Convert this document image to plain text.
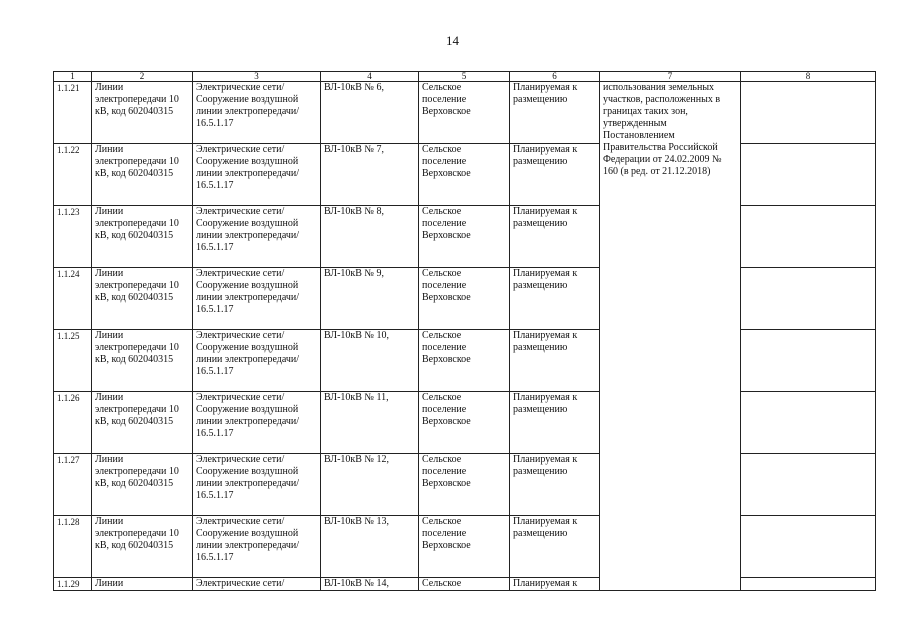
14
1	2	3	4	5	6	7	8
1.1.21	Линии электропередачи 10 кВ, код 602040315	Электрические сети/ Сооружение воздушной линии электропередачи/ 16.5.1.17	ВЛ-10кВ № 6,	Сельское поселение Верховское	Планируемая к размещению	использования земельных участков, расположенных в границах таких зон, утвержденным Постановлением Правительства Российской Федерации от 24.02.2009 № 160 (в ред. от 21.12.2018)	
1.1.22	Линии электропередачи 10 кВ, код 602040315	Электрические сети/ Сооружение воздушной линии электропередачи/ 16.5.1.17	ВЛ-10кВ № 7,	Сельское поселение Верховское	Планируемая к размещению		
1.1.23	Линии электропередачи 10 кВ, код 602040315	Электрические сети/ Сооружение воздушной линии электропередачи/ 16.5.1.17	ВЛ-10кВ № 8,	Сельское поселение Верховское	Планируемая к размещению		
1.1.24	Линии электропередачи 10 кВ, код 602040315	Электрические сети/ Сооружение воздушной линии электропередачи/ 16.5.1.17	ВЛ-10кВ № 9,	Сельское поселение Верховское	Планируемая к размещению		
1.1.25	Линии электропередачи 10 кВ, код 602040315	Электрические сети/ Сооружение воздушной линии электропередачи/ 16.5.1.17	ВЛ-10кВ № 10,	Сельское поселение Верховское	Планируемая к размещению		
1.1.26	Линии электропередачи 10 кВ, код 602040315	Электрические сети/ Сооружение воздушной линии электропередачи/ 16.5.1.17	ВЛ-10кВ № 11,	Сельское поселение Верховское	Планируемая к размещению		
1.1.27	Линии электропередачи 10 кВ, код 602040315	Электрические сети/ Сооружение воздушной линии электропередачи/ 16.5.1.17	ВЛ-10кВ № 12,	Сельское поселение Верховское	Планируемая к размещению		
1.1.28	Линии электропередачи 10 кВ, код 602040315	Электрические сети/ Сооружение воздушной линии электропередачи/ 16.5.1.17	ВЛ-10кВ № 13,	Сельское поселение Верховское	Планируемая к размещению		
1.1.29	Линии	Электрические сети/	ВЛ-10кВ № 14,	Сельское	Планируемая к		
